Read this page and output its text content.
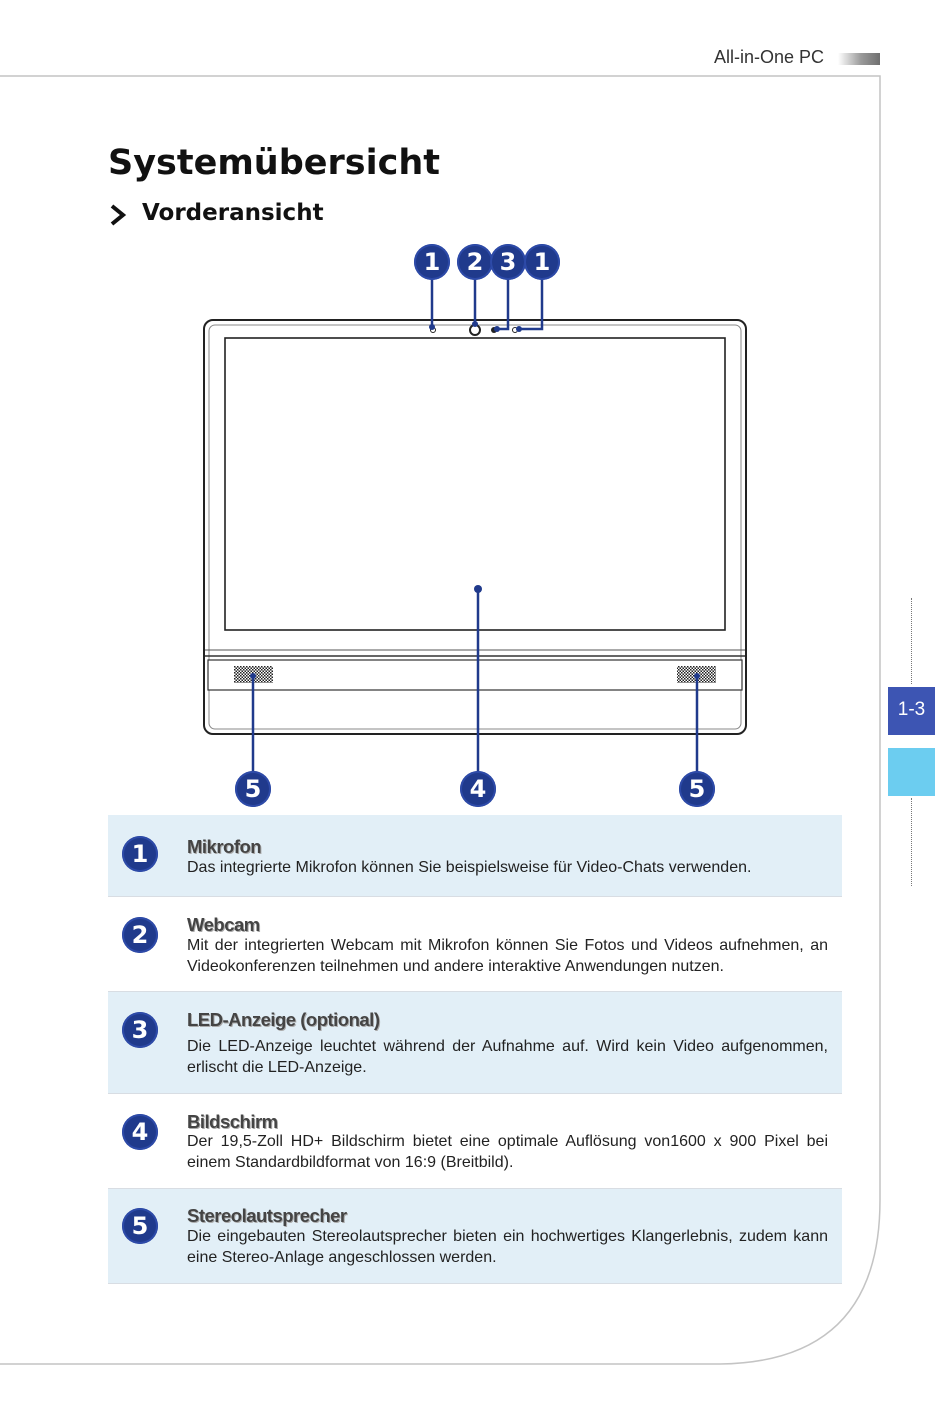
All-in-One PC
Systemübersicht
Vorderansicht
1	2 3 1
5	4	5
1-3
1	Mikrofon
Das integrierte Mikrofon können Sie beispielsweise für Video-Chats verwenden.
2	Webcam
Mit der integrierten Webcam mit Mikrofon können Sie Fotos und Videos aufnehmen, an Videokonferenzen teilnehmen und andere interaktive Anwendungen nutzen.
3	LED-Anzeige (optional)
Die LED-Anzeige leuchtet während der Aufnahme auf. Wird kein Video aufgenommen, erlischt die LED-Anzeige.
4	Bildschirm
Der 19,5-Zoll HD+ Bildschirm bietet eine optimale Auflösung von1600 x 900 Pixel bei einem Standardbildformat von 16:9 (Breitbild).
5	Stereolautsprecher
Die eingebauten Stereolautsprecher bieten ein hochwertiges Klangerlebnis, zudem kann eine Stereo-Anlage angeschlossen werden.
